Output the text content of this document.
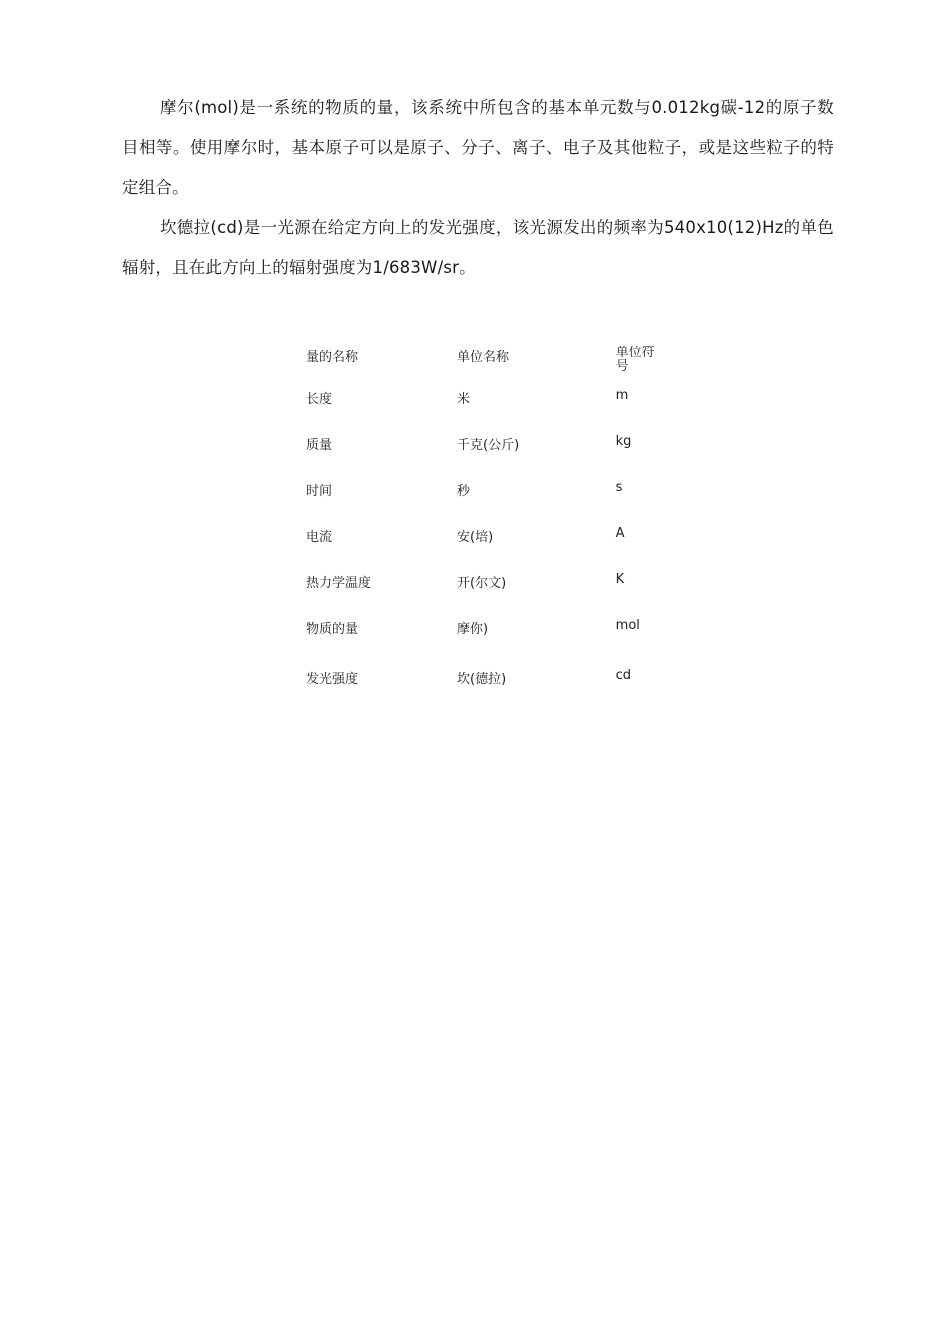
摩尔(mol)是一系统的物质的量，该系统中所包含的基本单元数与0.012kg碳-12的原子数目相等。使用摩尔时，基本原子可以是原子、分子、离子、电子及其他粒子，或是这些粒子的特定组合。

坎德拉(cd)是一光源在给定方向上的发光强度，该光源发出的频率为540x10(12)Hz的单色辐射，且在此方向上的辐射强度为1/683W/sr。

量的名称	单位名称	单位符号

长度	米	m
质量	千克(公斤)	kg
时间	秒	s
电流	安(培)	A
热力学温度	开(尔文)	K
物质的量	摩你)	mol
发光强度	坎(德拉)	cd
